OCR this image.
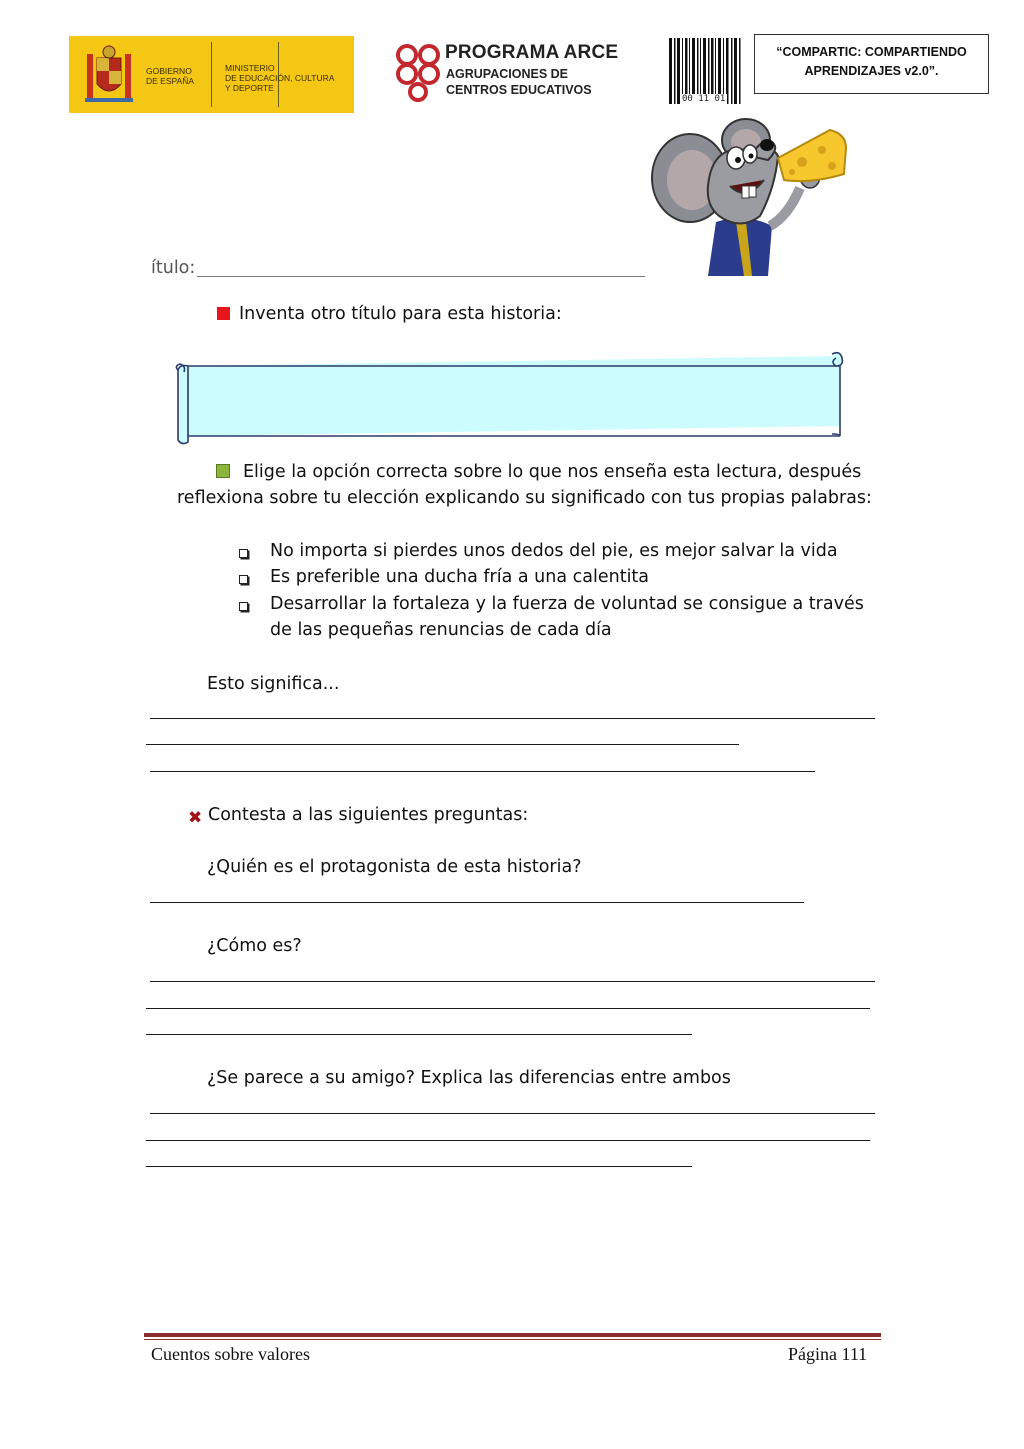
GOBIERNO
DE ESPAÑA
MINISTERIO
DE EDUCACIÓN, CULTURA
Y DEPORTE
PROGRAMA ARCE
AGRUPACIONES DE
CENTROS EDUCATIVOS
00 11 01
“COMPARTIC: COMPARTIENDO
APRENDIZAJES v2.0”.
ítulo:
Inventa otro título para esta historia:
Elige la opción correcta sobre lo que nos enseña esta lectura, después
reflexiona sobre tu elección explicando su significado con tus propias palabras:
No importa si pierdes unos dedos del pie, es mejor salvar la vida
Es preferible una ducha fría a una calentita
Desarrollar la fortaleza y la fuerza de voluntad se consigue a través
de las pequeñas renuncias de cada día
Esto significa...
✖ Contesta a las siguientes preguntas:
¿Quién es el protagonista de esta historia?
¿Cómo es?
¿Se parece a su amigo? Explica las diferencias entre ambos
Cuentos sobre valores	Página 111
